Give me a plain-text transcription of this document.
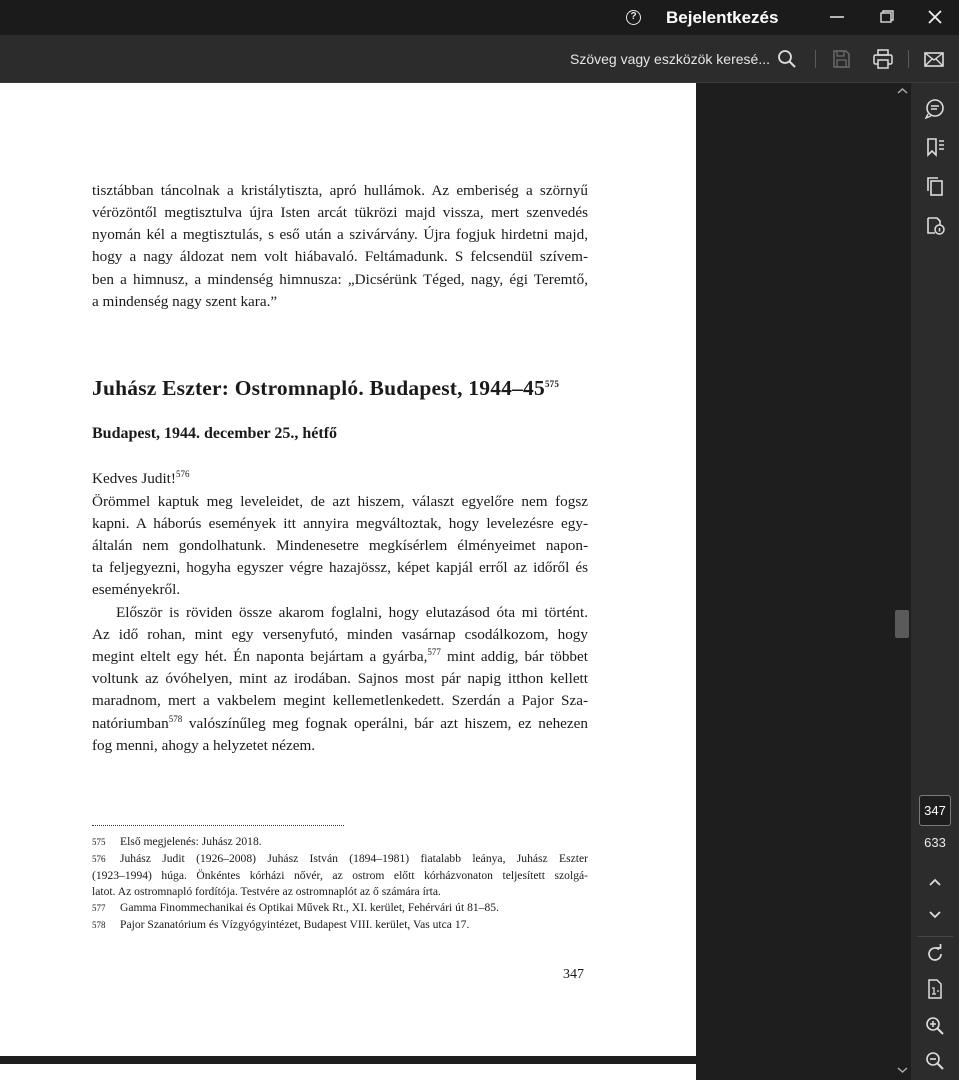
? Bejelentkezés
Szöveg vagy eszközök keresé...
tisztábban táncolnak a kristálytiszta, apró hullámok. Az emberiség a szörnyű
vérözöntől megtisztulva újra Isten arcát tükrözi majd vissza, mert szenvedés
nyomán kél a megtisztulás, s eső után a szivárvány. Újra fogjuk hirdetni majd,
hogy a nagy áldozat nem volt hiábavaló. Feltámadunk. S felcsendül szívem-
ben a himnusz, a mindenség himnusza: „Dicsérünk Téged, nagy, égi Teremtő,
a mindenség nagy szent kara.”
Juhász Eszter: Ostromnapló. Budapest, $1944-45^{575}$
Budapest, 1944. december 25., hétfő
Kedves Judit!$^{576}$
Örömmel kaptuk meg leveleidet, de azt hiszem, választ egyelőre nem fogsz
kapni. A háborús események itt annyira megváltoztak, hogy levelezésre egy-
általán nem gondolhatunk. Mindenesetre megkísérlem élményeimet napon-
ta feljegyezni, hogyha egyszer végre hazajössz, képet kapjál erről az időről és
eseményekről.
Először is röviden össze akarom foglalni, hogy elutazásod óta mi történt.
Az idő rohan, mint egy versenyfutó, minden vasárnap csodálkozom, hogy
megint eltelt egy hét. Én naponta bejártam a gyárba,$^{577}$ mint addig, bár többet
voltunk az óvóhelyen, mint az irodában. Sajnos most pár napig itthon kellett
maradnom, mert a vakbelem megint kellemetlenkedett. Szerdán a Pajor Sza-
natóriumban$^{578}$ valószínűleg meg fognak operálni, bár azt hiszem, ez nehezen
fog menni, ahogy a helyzetet nézem.
575 Első megjelenés: Juhász 2018.
576 Juhász Judit (1926–2008) Juhász István (1894–1981) fiatalabb leánya, Juhász Eszter
(1923–1994) húga. Önkéntes kórházi nővér, az ostrom előtt kórházvonaton teljesített szolgá-
latot. Az ostromnapló fordítója. Testvére az ostromnaplót az ő számára írta.
577 Gamma Finommechanikai és Optikai Művek Rt., XI. kerület, Fehérvári út 81–85.
578 Pajor Szanatórium és Vízgyógyintézet, Budapest VIII. kerület, Vas utca 17.
347
347
633
